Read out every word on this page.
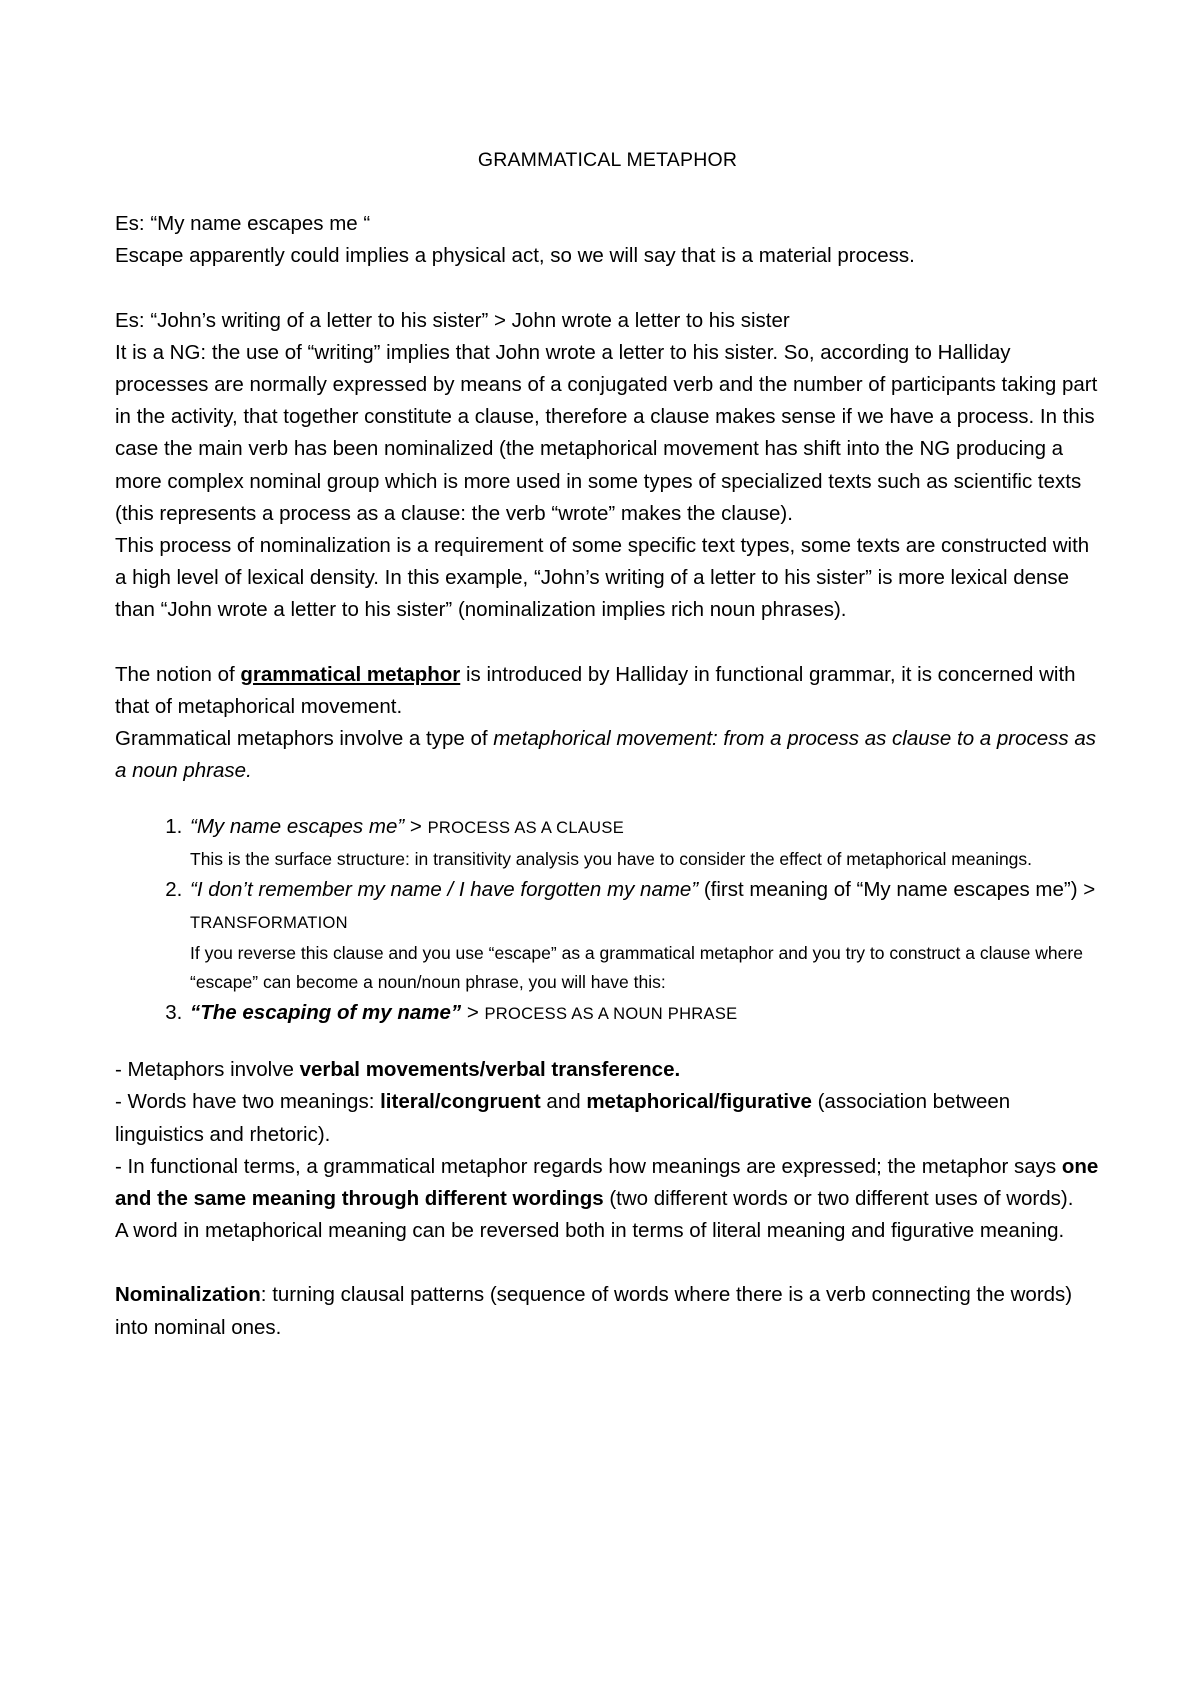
GRAMMATICAL METAPHOR

Es: “My name escapes me “

Escape apparently could implies a physical act, so we will say that is a material process.

Es: “John’s writing of a letter to his sister” > John wrote a letter to his sister

It is a NG: the use of “writing” implies that John wrote a letter to his sister. So, according to Halliday processes are normally expressed by means of a conjugated verb and the number of participants taking part in the activity, that together constitute a clause, therefore a clause makes sense if we have a process. In this case the main verb has been nominalized (the metaphorical movement has shift into the NG producing a more complex nominal group which is more used in some types of specialized texts such as scientific texts (this represents a process as a clause: the verb “wrote” makes the clause).

This process of nominalization is a requirement of some specific text types, some texts are constructed with a high level of lexical density. In this example, “John’s writing of a letter to his sister” is more lexical dense than “John wrote a letter to his sister” (nominalization implies rich noun phrases).

The notion of grammatical metaphor is introduced by Halliday in functional grammar, it is concerned with that of metaphorical movement.

Grammatical metaphors involve a type of metaphorical movement: from a process as clause to a process as a noun phrase.

1. “My name escapes me” > PROCESS AS A CLAUSE
This is the surface structure: in transitivity analysis you have to consider the effect of metaphorical meanings.
2. “I don’t remember my name / I have forgotten my name” (first meaning of “My name escapes me”) > TRANSFORMATION
If you reverse this clause and you use “escape” as a grammatical metaphor and you try to construct a clause where “escape” can become a noun/noun phrase, you will have this:
3. “The escaping of my name” > PROCESS AS A NOUN PHRASE

- Metaphors involve verbal movements/verbal transference.

- Words have two meanings: literal/congruent and metaphorical/figurative (association between linguistics and rhetoric).

- In functional terms, a grammatical metaphor regards how meanings are expressed; the metaphor says one and the same meaning through different wordings (two different words or two different uses of words).

A word in metaphorical meaning can be reversed both in terms of literal meaning and figurative meaning.

Nominalization: turning clausal patterns (sequence of words where there is a verb connecting the words) into nominal ones.
